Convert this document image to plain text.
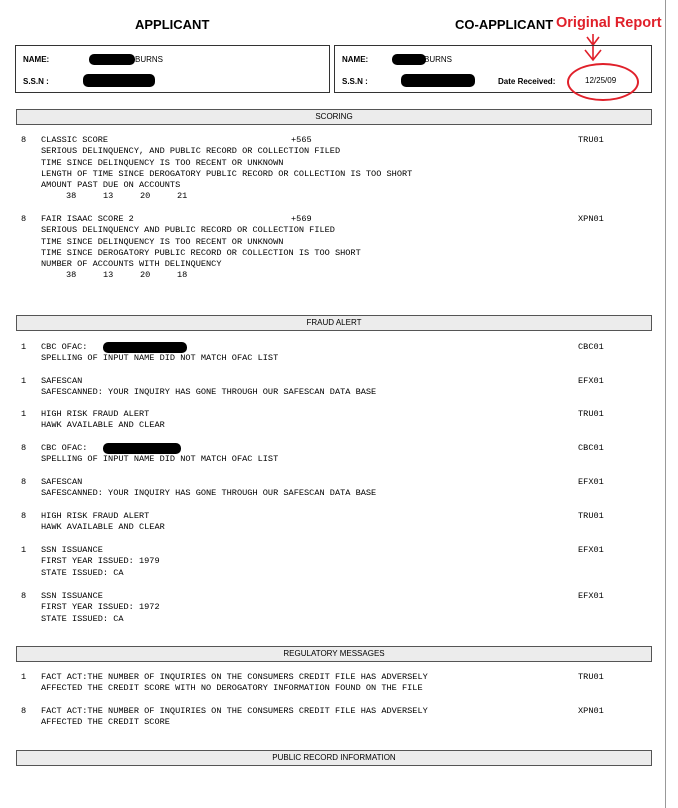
APPLICANT	CO-APPLICANT Original Report
NAME:	BURNS
S.S.N :
NAME:	BURNS
S.S.N :	Date Received:	12/25/09
SCORING
8 CLASSIC SCORE	+565

SERIOUS DELINQUENCY, AND PUBLIC RECORD OR COLLECTION FILED
TIME SINCE DELINQUENCY IS TOO RECENT OR UNKNOWN
LENGTH OF TIME SINCE DEROGATORY PUBLIC RECORD OR COLLECTION IS TOO SHORT
AMOUNT PAST DUE ON ACCOUNTS
38	13	20	21
TRU01
8 FAIR ISAAC SCORE 2	+569

SERIOUS DELINQUENCY AND PUBLIC RECORD OR COLLECTION FILED
TIME SINCE DELINQUENCY IS TOO RECENT OR UNKNOWN
TIME SINCE DEROGATORY PUBLIC RECORD OR COLLECTION IS TOO SHORT
NUMBER OF ACCOUNTS WITH DELINQUENCY
38	13	20	18
XPN01
FRAUD ALERT
1 CBC OFAC:
SPELLING OF INPUT NAME DID NOT MATCH OFAC LIST
CBC01
1 SAFESCAN
SAFESCANNED: YOUR INQUIRY HAS GONE THROUGH OUR SAFESCAN DATA BASE
EFX01
1 HIGH RISK FRAUD ALERT
HAWK AVAILABLE AND CLEAR
TRU01
8 CBC OFAC:
SPELLING OF INPUT NAME DID NOT MATCH OFAC LIST
CBC01
8 SAFESCAN
SAFESCANNED: YOUR INQUIRY HAS GONE THROUGH OUR SAFESCAN DATA BASE
EFX01
8 HIGH RISK FRAUD ALERT
HAWK AVAILABLE AND CLEAR
TRU01
1 SSN ISSUANCE
FIRST YEAR ISSUED: 1979
STATE ISSUED: CA
EFX01
8 SSN ISSUANCE
FIRST YEAR ISSUED: 1972
STATE ISSUED: CA
EFX01
REGULATORY MESSAGES
1 FACT ACT:THE NUMBER OF INQUIRIES ON THE CONSUMERS CREDIT FILE HAS ADVERSELY
AFFECTED THE CREDIT SCORE WITH NO DEROGATORY INFORMATION FOUND ON THE FILE
TRU01
8 FACT ACT:THE NUMBER OF INQUIRIES ON THE CONSUMERS CREDIT FILE HAS ADVERSELY
AFFECTED THE CREDIT SCORE
XPN01
PUBLIC RECORD INFORMATION
